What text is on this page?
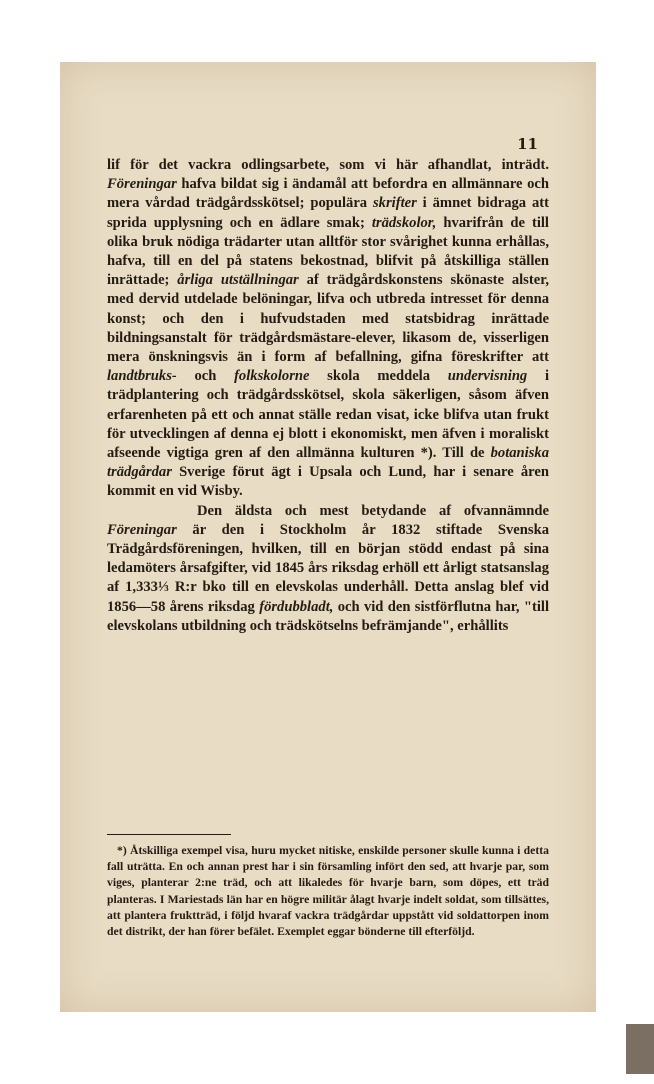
11

lif för det vackra odlingsarbete, som vi här afhandlat, inträdt. Föreningar hafva bildat sig i ändamål att befordra en allmännare och mera vårdad trädgårdsskötsel; populära skrifter i ämnet bidraga att sprida upplysning och en ädlare smak; trädskolor, hvarifrån de till olika bruk nödiga trädarter utan alltför stor svårighet kunna erhållas, hafva, till en del på statens bekostnad, blifvit på åtskilliga ställen inrättade; årliga utställningar af trädgårdskonstens skönaste alster, med dervid utdelade belöningar, lifva och utbreda intresset för denna konst; och den i hufvudstaden med statsbidrag inrättade bildningsanstalt för trädgårdsmästare-elever, likasom de, visserligen mera önskningsvis än i form af befallning, gifna föreskrifter att landtbruks- och folkskolorne skola meddela undervisning i trädplantering och trädgårdsskötsel, skola säkerligen, såsom äfven erfarenheten på ett och annat ställe redan visat, icke blifva utan frukt för utvecklingen af denna ej blott i ekonomiskt, men äfven i moraliskt afseende vigtiga gren af den allmänna kulturen *). Till de botaniska trädgårdar Sverige förut ägt i Upsala och Lund, har i senare åren kommit en vid Wisby.

Den äldsta och mest betydande af ofvannämnde Föreningar är den i Stockholm år 1832 stiftade Svenska Trädgårdsföreningen, hvilken, till en början stödd endast på sina ledamöters årsafgifter, vid 1845 års riksdag erhöll ett årligt statsanslag af 1,333⅓ R:r bko till en elevskolas underhåll. Detta anslag blef vid 1856—58 årens riksdag fördubbladt, och vid den sistförflutna har, "till elevskolans utbildning och trädskötselns befrämjande", erhållits

*) Åtskilliga exempel visa, huru mycket nitiske, enskilde personer skulle kunna i detta fall uträtta. En och annan prest har i sin församling infört den sed, att hvarje par, som viges, planterar 2:ne träd, och att likaledes för hvarje barn, som döpes, ett träd planteras. I Mariestads län har en högre militär ålagt hvarje indelt soldat, som tillsättes, att plantera fruktträd, i följd hvaraf vackra trädgårdar uppstått vid soldattorpen inom det distrikt, der han förer befälet. Exemplet eggar bönderne till efterföljd.
